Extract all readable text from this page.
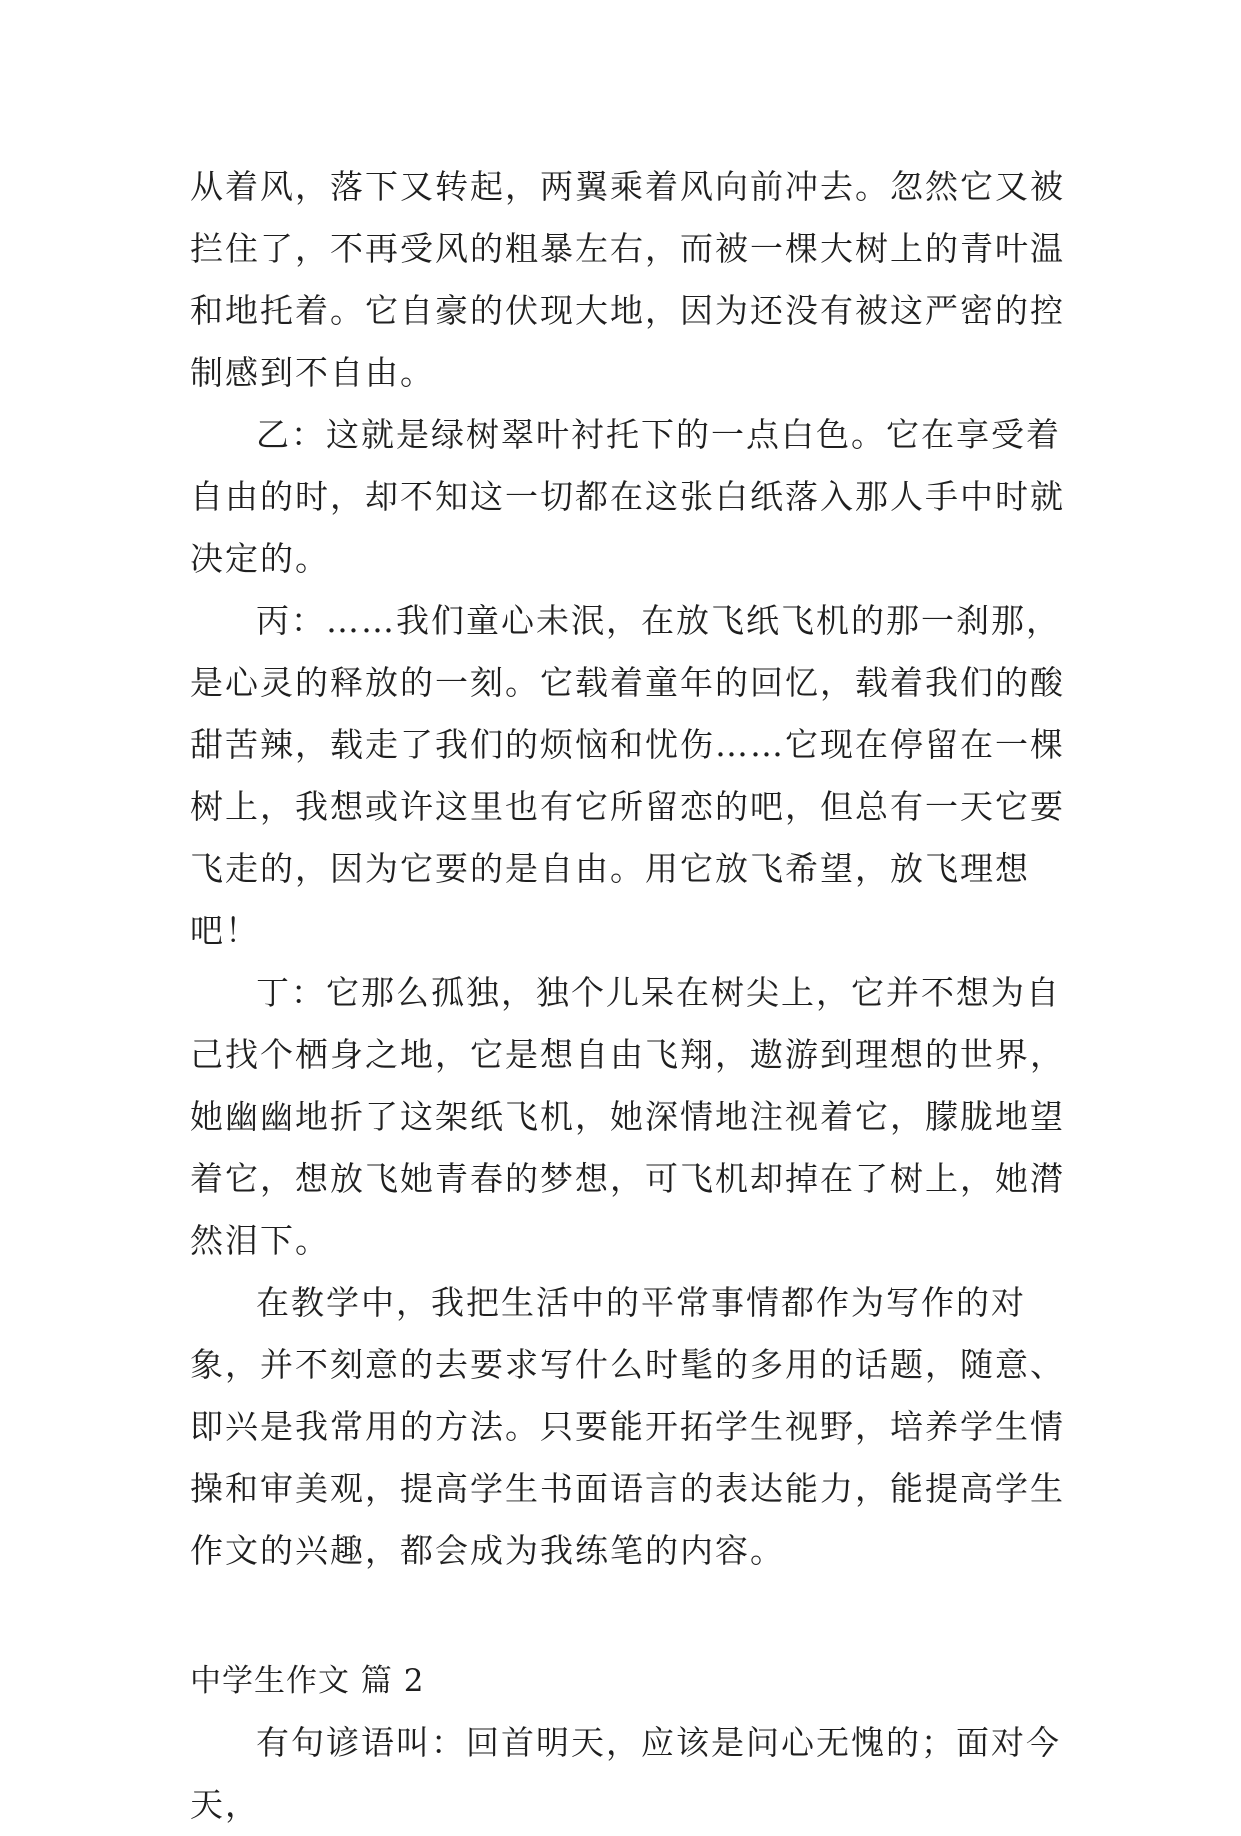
从着风，落下又转起，两翼乘着风向前冲去。忽然它又被拦住了，不再受风的粗暴左右，而被一棵大树上的青叶温和地托着。它自豪的伏现大地，因为还没有被这严密的控制感到不自由。

乙：这就是绿树翠叶衬托下的一点白色。它在享受着自由的时，却不知这一切都在这张白纸落入那人手中时就决定的。

丙：……我们童心未泯，在放飞纸飞机的那一刹那，是心灵的释放的一刻。它载着童年的回忆，载着我们的酸甜苦辣，载走了我们的烦恼和忧伤……它现在停留在一棵树上，我想或许这里也有它所留恋的吧，但总有一天它要飞走的，因为它要的是自由。用它放飞希望，放飞理想吧！

丁：它那么孤独，独个儿呆在树尖上，它并不想为自己找个栖身之地，它是想自由飞翔，遨游到理想的世界，她幽幽地折了这架纸飞机，她深情地注视着它，朦胧地望着它，想放飞她青春的梦想，可飞机却掉在了树上，她潸然泪下。

在教学中，我把生活中的平常事情都作为写作的对象，并不刻意的去要求写什么时髦的多用的话题，随意、即兴是我常用的方法。只要能开拓学生视野，培养学生情操和审美观，提高学生书面语言的表达能力，能提高学生作文的兴趣，都会成为我练笔的内容。

中学生作文 篇 2

有句谚语叫：回首明天，应该是问心无愧的；面对今天，
